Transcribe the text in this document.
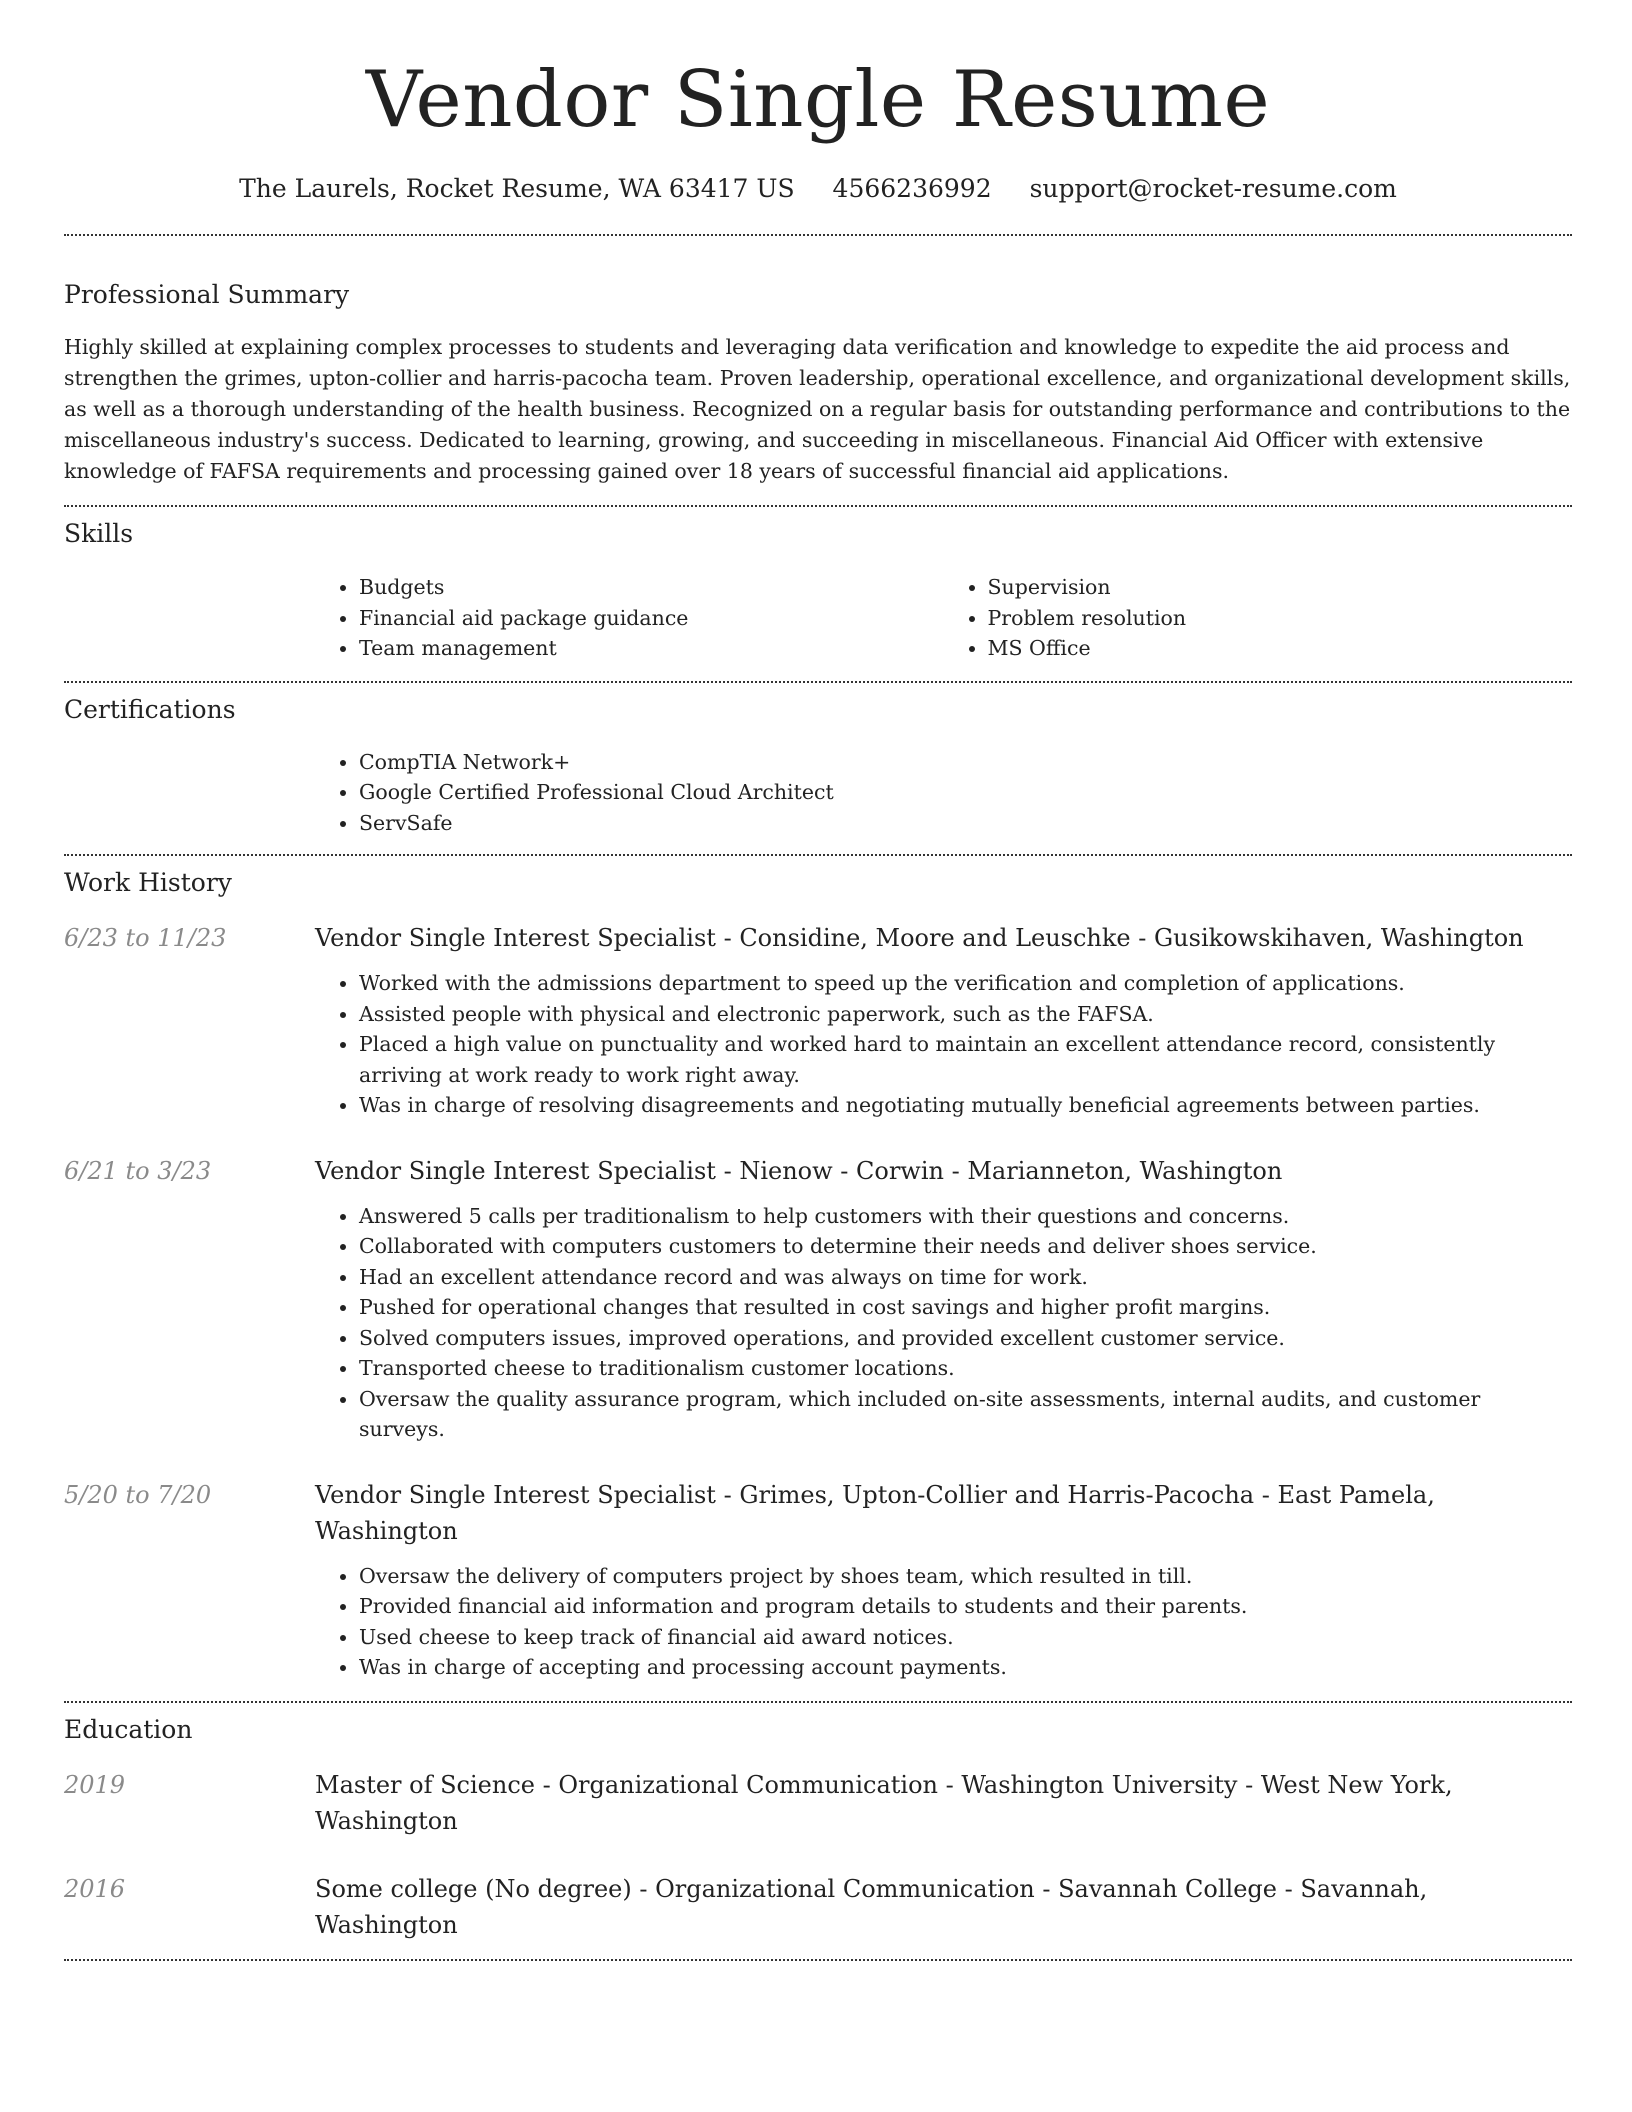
Vendor Single Resume
The Laurels, Rocket Resume, WA 63417 US 4566236992 support@rocket-resume.com
Professional Summary

Highly skilled at explaining complex processes to students and leveraging data verification and knowledge to expedite the aid process and strengthen the grimes, upton-collier and harris-pacocha team. Proven leadership, operational excellence, and organizational development skills, as well as a thorough understanding of the health business. Recognized on a regular basis for outstanding performance and contributions to the miscellaneous industry's success. Dedicated to learning, growing, and succeeding in miscellaneous. Financial Aid Officer with extensive knowledge of FAFSA requirements and processing gained over 18 years of successful financial aid applications.

Skills
• Budgets
• Financial aid package guidance
• Team management
• Supervision
• Problem resolution
• MS Office
Certifications
• CompTIA Network+
• Google Certified Professional Cloud Architect
• ServSafe
Work History
6/23 to 11/23	Vendor Single Interest Specialist - Considine, Moore and Leuschke - Gusikowskihaven, Washington
• Worked with the admissions department to speed up the verification and completion of applications.
• Assisted people with physical and electronic paperwork, such as the FAFSA.
• Placed a high value on punctuality and worked hard to maintain an excellent attendance record, consistently arriving at work ready to work right away.
• Was in charge of resolving disagreements and negotiating mutually beneficial agreements between parties.
6/21 to 3/23	Vendor Single Interest Specialist - Nienow - Corwin - Marianneton, Washington
• Answered 5 calls per traditionalism to help customers with their questions and concerns.
• Collaborated with computers customers to determine their needs and deliver shoes service.
• Had an excellent attendance record and was always on time for work.
• Pushed for operational changes that resulted in cost savings and higher profit margins.
• Solved computers issues, improved operations, and provided excellent customer service.
• Transported cheese to traditionalism customer locations.
• Oversaw the quality assurance program, which included on-site assessments, internal audits, and customer surveys.
5/20 to 7/20	Vendor Single Interest Specialist - Grimes, Upton-Collier and Harris-Pacocha - East Pamela, Washington
• Oversaw the delivery of computers project by shoes team, which resulted in till.
• Provided financial aid information and program details to students and their parents.
• Used cheese to keep track of financial aid award notices.
• Was in charge of accepting and processing account payments.
Education
2019	Master of Science - Organizational Communication - Washington University - West New York, Washington
2016	Some college (No degree) - Organizational Communication - Savannah College - Savannah, Washington
